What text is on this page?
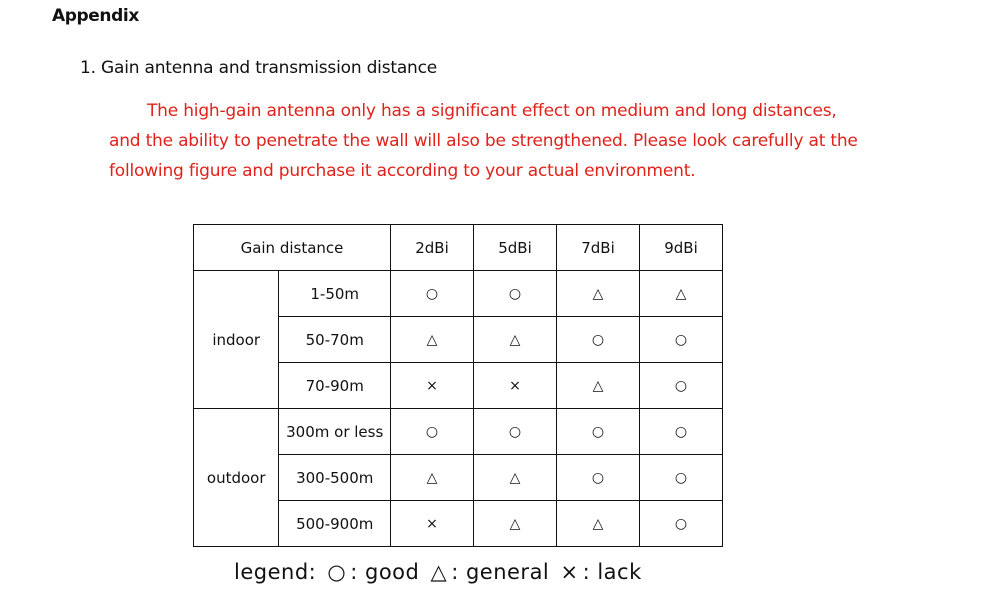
Appendix
1. Gain antenna and transmission distance
The high-gain antenna only has a significant effect on medium and long distances,
and the ability to penetrate the wall will also be strengthened. Please look carefully at the
following figure and purchase it according to your actual environment.
Gain distance		2dBi	5dBi	7dBi	9dBi
indoor	1-50m	○	○	△	△
	50-70m	△	△	○	○
	70-90m	×	×	△	○
outdoor	300m or less	○	○	○	○
	300-500m	△	△	○	○
	500-900m	×	△	△	○
legend: ○ : good △ : general × : lack
